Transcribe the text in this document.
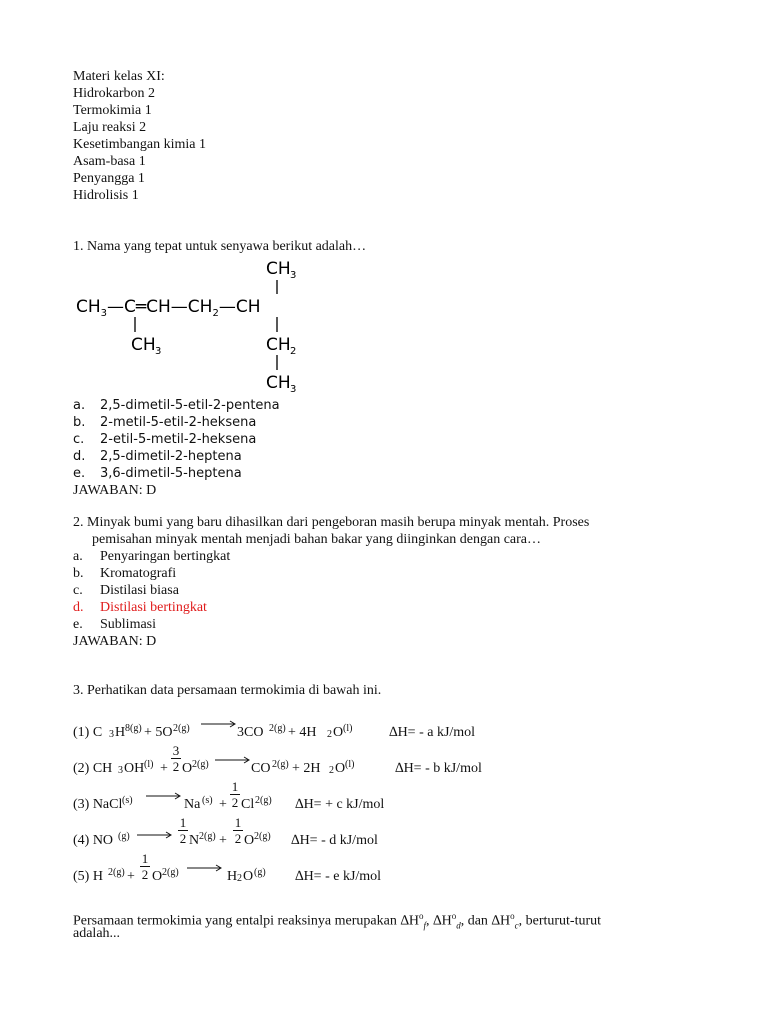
Materi kelas XI:
Hidrokarbon 2
Termokimia 1
Laju reaksi 2
Kesetimbangan kimia 1
Asam-basa 1
Penyangga 1
Hidrolisis 1
1. Nama yang tepat untuk senyawa berikut adalah…
CH 3
$CH_3—C═CH—CH_2—CH$
CH 3	CH 2
CH 3
a.	2,5-dimetil-5-etil-2-pentena
b.	2-metil-5-etil-2-heksena
c.	2-etil-5-metil-2-heksena
d.	2,5-dimetil-2-heptena
e.	3,6-dimetil-5-heptena
JAWABAN: D
2. Minyak bumi yang baru dihasilkan dari pengeboran masih berupa minyak mentah. Proses
pemisahan minyak mentah menjadi bahan bakar yang diinginkan dengan cara…
a.	Penyaringan bertingkat
b.	Kromatografi
c.	Distilasi biasa
d.	Distilasi bertingkat
e.	Sublimasi
JAWABAN: D
3. Perhatikan data persamaan termokimia di bawah ini.
(1) C 3 H 8(g) + 5O 2(g) →
3CO 2(g) + 4H 2 O (l)	∆H= - a kJ/mol
(2) CH 3 OH (l) +
3
2 O 2(g) →
CO 2(g) + 2H 2 O (l)	∆H= - b kJ/mol
(3) NaCl (s) →
Na (s) +
1
2 Cl 2(g) ∆H= + c kJ/mol
(4) NO (g) →
1
2 N 2(g) +
1
2 O 2(g) ∆H= - d kJ/mol
(5) H 2(g) +
1
2 O 2(g) →
H 2 O (g) ∆H= - e kJ/mol
Persamaan termokimia yang entalpi reaksinya merupakan $\Delta H^o_f$, $\Delta H^o_d$, dan $\Delta H^o_c$, berturut-turut
adalah...
